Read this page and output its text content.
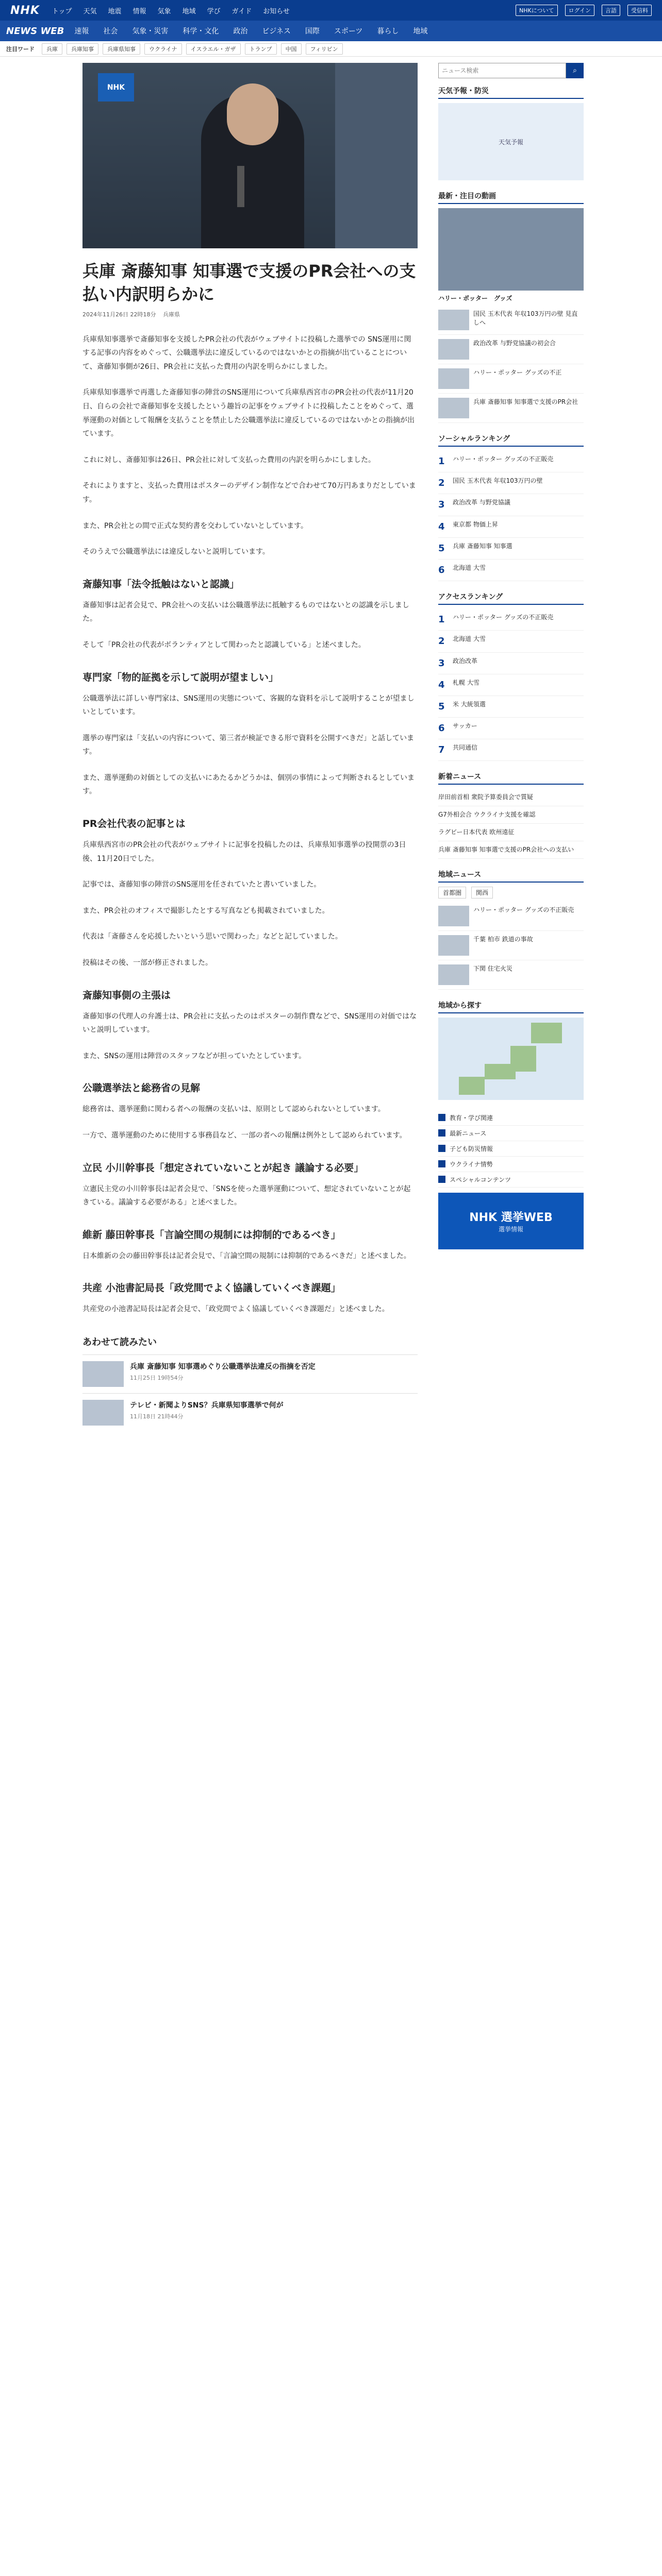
NHK トップ 天気 地震 情報 気象 地域 学び ガイド お知らせ	NHKについて	ログイン	言語	受信料
NEWS WEB 速報 社会 気象・災害 科学・文化 政治 ビジネス 国際 スポーツ 暮らし 地域
注目ワード	兵庫	兵庫知事	兵庫県知事	ウクライナ	イスラエル・ガザ	トランプ	中国	フィリピン
NHK
兵庫 斎藤知事 知事選で支援のPR会社への支払い内訳明らかに
2024年11月26日 22時18分 兵庫県

兵庫県知事選挙で斎藤知事を支援したPR会社の代表がウェブサイトに投稿した選挙での SNS運用に関する記事の内容をめぐって、公職選挙法に違反しているのではないかとの指摘が出ていることについて、斎藤知事側が26日、PR会社に支払った費用の内訳を明らかにしました。

兵庫県知事選挙で再選した斎藤知事の陣営のSNS運用について兵庫県西宮市のPR会社の代表が11月20日、自らの会社で斎藤知事を支援したという趣旨の記事をウェブサイトに投稿したことをめぐって、選挙運動の対価として報酬を支払うことを禁止した公職選挙法に違反しているのではないかとの指摘が出ています。

これに対し、斎藤知事は26日、PR会社に対して支払った費用の内訳を明らかにしました。

それによりますと、支払った費用はポスターのデザイン制作などで合わせて70万円あまりだとしています。

また、PR会社との間で正式な契約書を交わしていないとしています。

そのうえで公職選挙法には違反しないと説明しています。

斎藤知事「法令抵触はないと認識」

斎藤知事は記者会見で、PR会社への支払いは公職選挙法に抵触するものではないとの認識を示しました。

そして「PR会社の代表がボランティアとして関わったと認識している」と述べました。

専門家「物的証拠を示して説明が望ましい」

公職選挙法に詳しい専門家は、SNS運用の実態について、客観的な資料を示して説明することが望ましいとしています。

選挙の専門家は「支払いの内容について、第三者が検証できる形で資料を公開すべきだ」と話しています。

また、選挙運動の対価としての支払いにあたるかどうかは、個別の事情によって判断されるとしています。

PR会社代表の記事とは

兵庫県西宮市のPR会社の代表がウェブサイトに記事を投稿したのは、兵庫県知事選挙の投開票の3日後、11月20日でした。

記事では、斎藤知事の陣営のSNS運用を任されていたと書いていました。

また、PR会社のオフィスで撮影したとする写真なども掲載されていました。

代表は「斎藤さんを応援したいという思いで関わった」などと記していました。

投稿はその後、一部が修正されました。

斎藤知事側の主張は

斎藤知事の代理人の弁護士は、PR会社に支払ったのはポスターの制作費などで、SNS運用の対価ではないと説明しています。

また、SNSの運用は陣営のスタッフなどが担っていたとしています。

公職選挙法と総務省の見解

総務省は、選挙運動に関わる者への報酬の支払いは、原則として認められないとしています。

一方で、選挙運動のために使用する事務員など、一部の者への報酬は例外として認められています。

立民 小川幹事長「想定されていないことが起き 議論する必要」

立憲民主党の小川幹事長は記者会見で、「SNSを使った選挙運動について、想定されていないことが起きている。議論する必要がある」と述べました。

維新 藤田幹事長「言論空間の規制には抑制的であるべき」

日本維新の会の藤田幹事長は記者会見で、「言論空間の規制には抑制的であるべきだ」と述べました。

共産 小池書記局長「政党間でよく協議していくべき課題」

共産党の小池書記局長は記者会見で、「政党間でよく協議していくべき課題だ」と述べました。

あわせて読みたい
兵庫 斎藤知事 知事選めぐり公職選挙法違反の指摘を否定
11月25日 19時54分
テレビ・新聞よりSNS？兵庫県知事選挙で何が
11月18日 21時44分
ニュース検索
⌕
天気予報・防災
天気予報
最新・注目の動画
ハリー・ポッター　グッズ
国民 玉木代表 年収103万円の壁 見直しへ
政治改革 与野党協議の初会合
ハリー・ポッター グッズの不正
兵庫 斎藤知事 知事選で支援のPR会社
ソーシャルランキング
1	ハリー・ポッター グッズの不正販売
2	国民 玉木代表 年収103万円の壁
3	政治改革 与野党協議
4	東京都 物価上昇
5	兵庫 斎藤知事 知事選
6	北海道 大雪
アクセスランキング
1	ハリー・ポッター グッズの不正販売
2	北海道 大雪
3	政治改革
4	札幌 大雪
5	米 大統領選
6	サッカー
7	共同通信
新着ニュース
岸田前首相 衆院予算委員会で質疑
G7外相会合 ウクライナ支援を確認
ラグビー日本代表 欧州遠征
兵庫 斎藤知事 知事選で支援のPR会社への支払い
地域ニュース
首都圏	関西
ハリー・ポッター グッズの不正販売
千葉 柏市 鉄道の事故
下関 住宅火災
地域から探す
教育・学び関連
最新ニュース
子ども防災情報
ウクライナ情勢
スペシャルコンテンツ
NHK 選挙WEB
選挙情報
